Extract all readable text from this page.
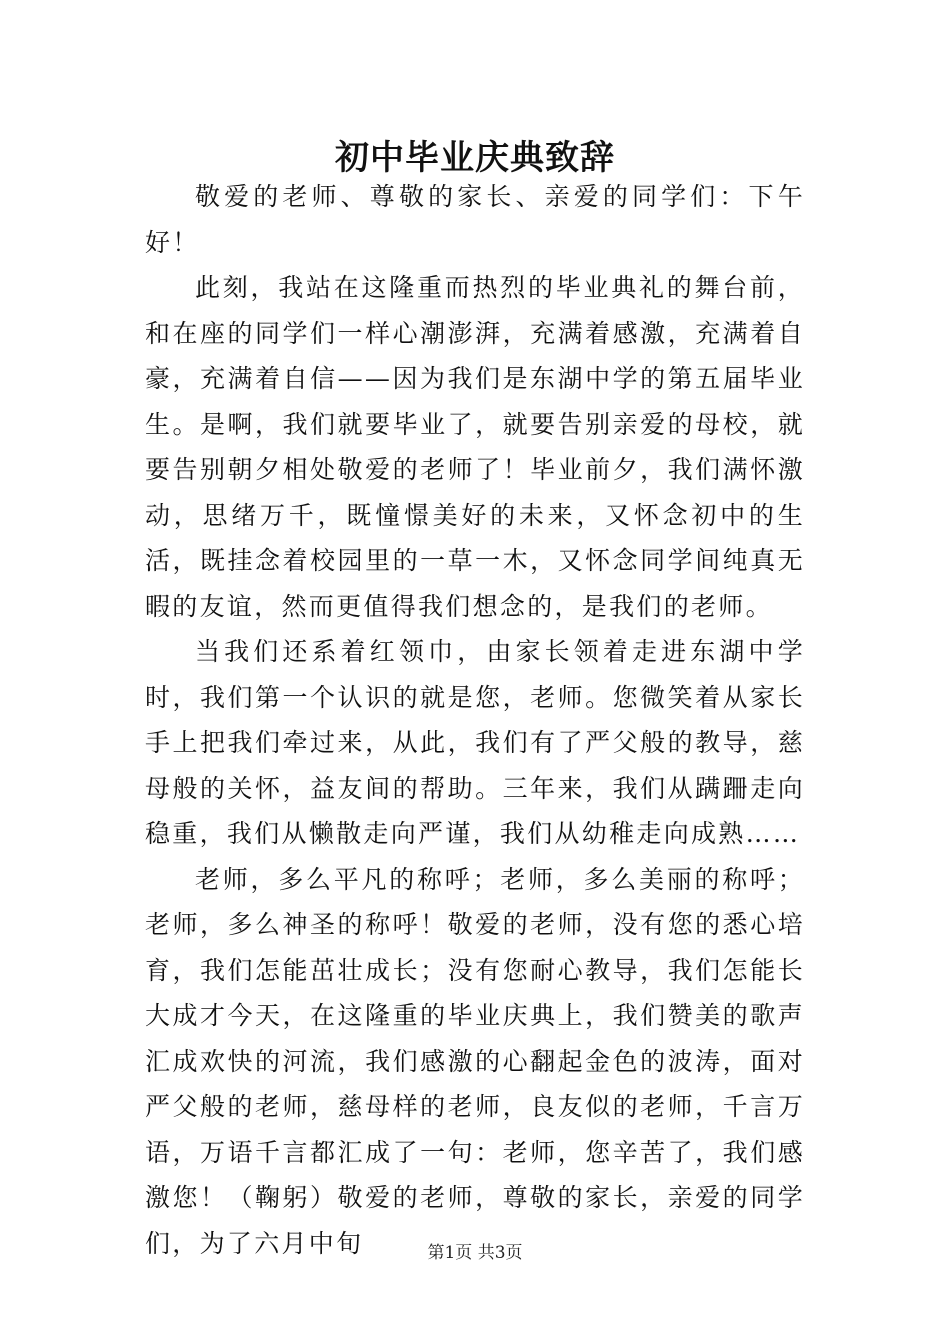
初中毕业庆典致辞

敬爱的老师、尊敬的家长、亲爱的同学们：下午好！

此刻，我站在这隆重而热烈的毕业典礼的舞台前，和在座的同学们一样心潮澎湃，充满着感激，充满着自豪，充满着自信——因为我们是东湖中学的第五届毕业生。是啊，我们就要毕业了，就要告别亲爱的母校，就要告别朝夕相处敬爱的老师了！毕业前夕，我们满怀激动，思绪万千，既憧憬美好的未来，又怀念初中的生活，既挂念着校园里的一草一木，又怀念同学间纯真无暇的友谊，然而更值得我们想念的，是我们的老师。

当我们还系着红领巾，由家长领着走进东湖中学时，我们第一个认识的就是您，老师。您微笑着从家长手上把我们牵过来，从此，我们有了严父般的教导，慈母般的关怀，益友间的帮助。三年来，我们从蹒跚走向稳重，我们从懒散走向严谨，我们从幼稚走向成熟……

老师，多么平凡的称呼；老师，多么美丽的称呼；老师，多么神圣的称呼！敬爱的老师，没有您的悉心培育，我们怎能茁壮成长；没有您耐心教导，我们怎能长大成才今天，在这隆重的毕业庆典上，我们赞美的歌声汇成欢快的河流，我们感激的心翻起金色的波涛，面对严父般的老师，慈母样的老师，良友似的老师，千言万语，万语千言都汇成了一句：老师，您辛苦了，我们感激您！（鞠躬）敬爱的老师，尊敬的家长，亲爱的同学们，为了六月中旬	第1页 共3页
